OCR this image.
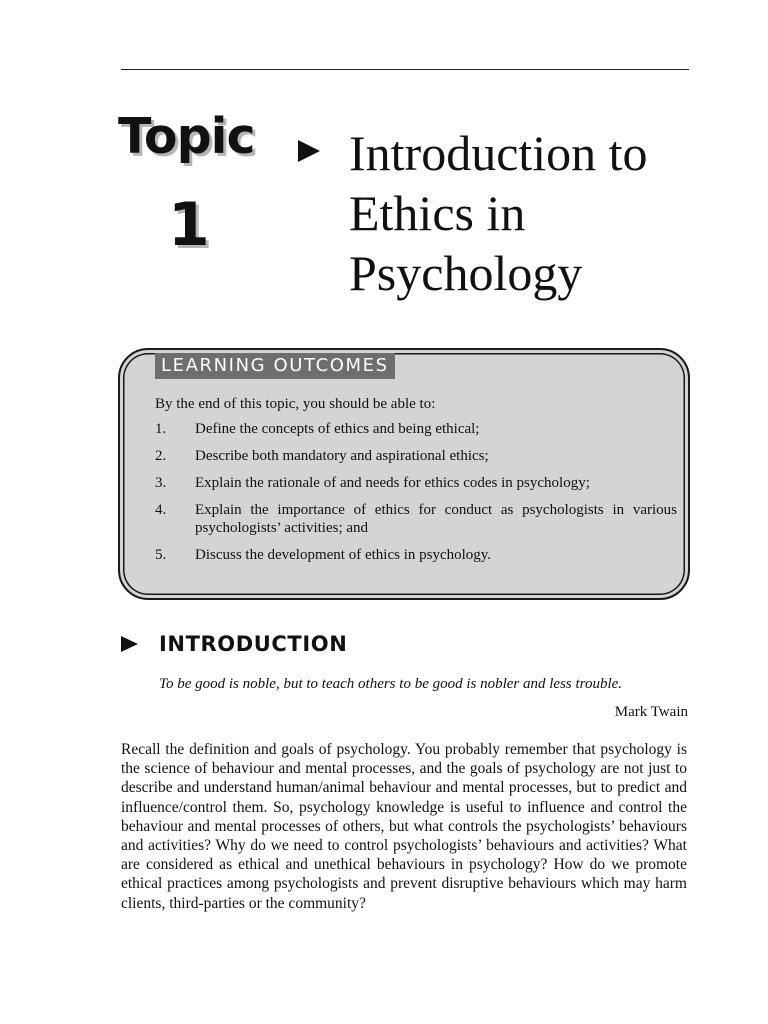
Topic
1
Introduction to Ethics in Psychology
LEARNING OUTCOMES
By the end of this topic, you should be able to:
1.	Define the concepts of ethics and being ethical;
2.	Describe both mandatory and aspirational ethics;
3.	Explain the rationale of and needs for ethics codes in psychology;
4.	Explain the importance of ethics for conduct as psychologists in various psychologists’ activities; and
5.	Discuss the development of ethics in psychology.
INTRODUCTION
To be good is noble, but to teach others to be good is nobler and less trouble.
Mark Twain

Recall the definition and goals of psychology. You probably remember that psychology is the science of behaviour and mental processes, and the goals of psychology are not just to describe and understand human/animal behaviour and mental processes, but to predict and influence/control them. So, psychology knowledge is useful to influence and control the behaviour and mental processes of others, but what controls the psychologists’ behaviours and activities? Why do we need to control psychologists’ behaviours and activities? What are considered as ethical and unethical behaviours in psychology? How do we promote ethical practices among psychologists and prevent disruptive behaviours which may harm clients, third-parties or the community?
